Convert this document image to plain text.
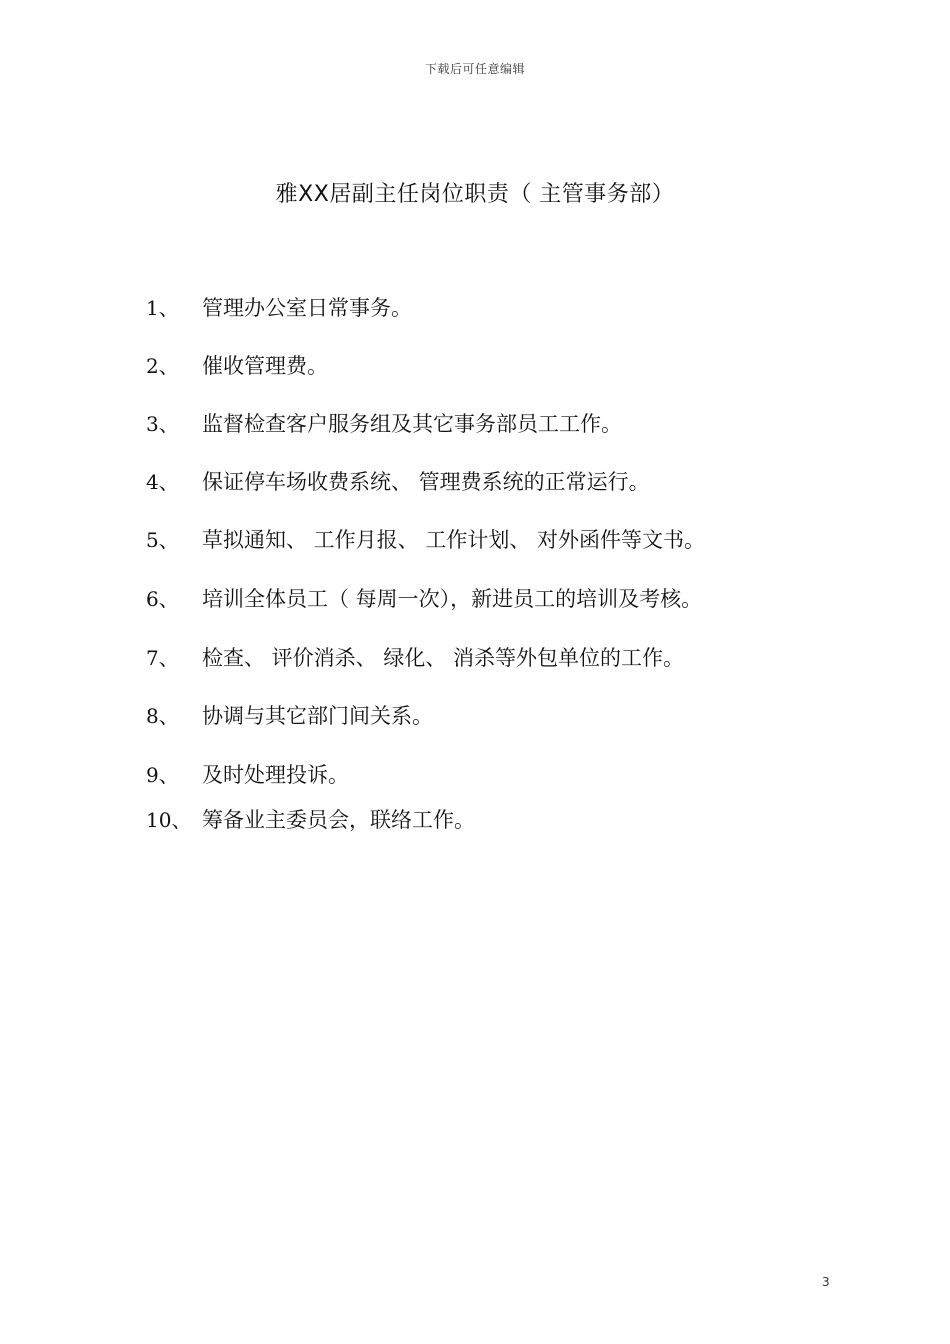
下载后可任意编辑
雅XX居副主任岗位职责（ 主管事务部）
1、 管理办公室日常事务。
2、 催收管理费。
3、 监督检查客户服务组及其它事务部员工工作。
4、 保证停车场收费系统、 管理费系统的正常运行。
5、 草拟通知、 工作月报、 工作计划、 对外函件等文书。
6、 培训全体员工（ 每周一次），新进员工的培训及考核。
7、 检查、 评价消杀、 绿化、 消杀等外包单位的工作。
8、 协调与其它部门间关系。
9、 及时处理投诉。
10、 筹备业主委员会，联络工作。
3
